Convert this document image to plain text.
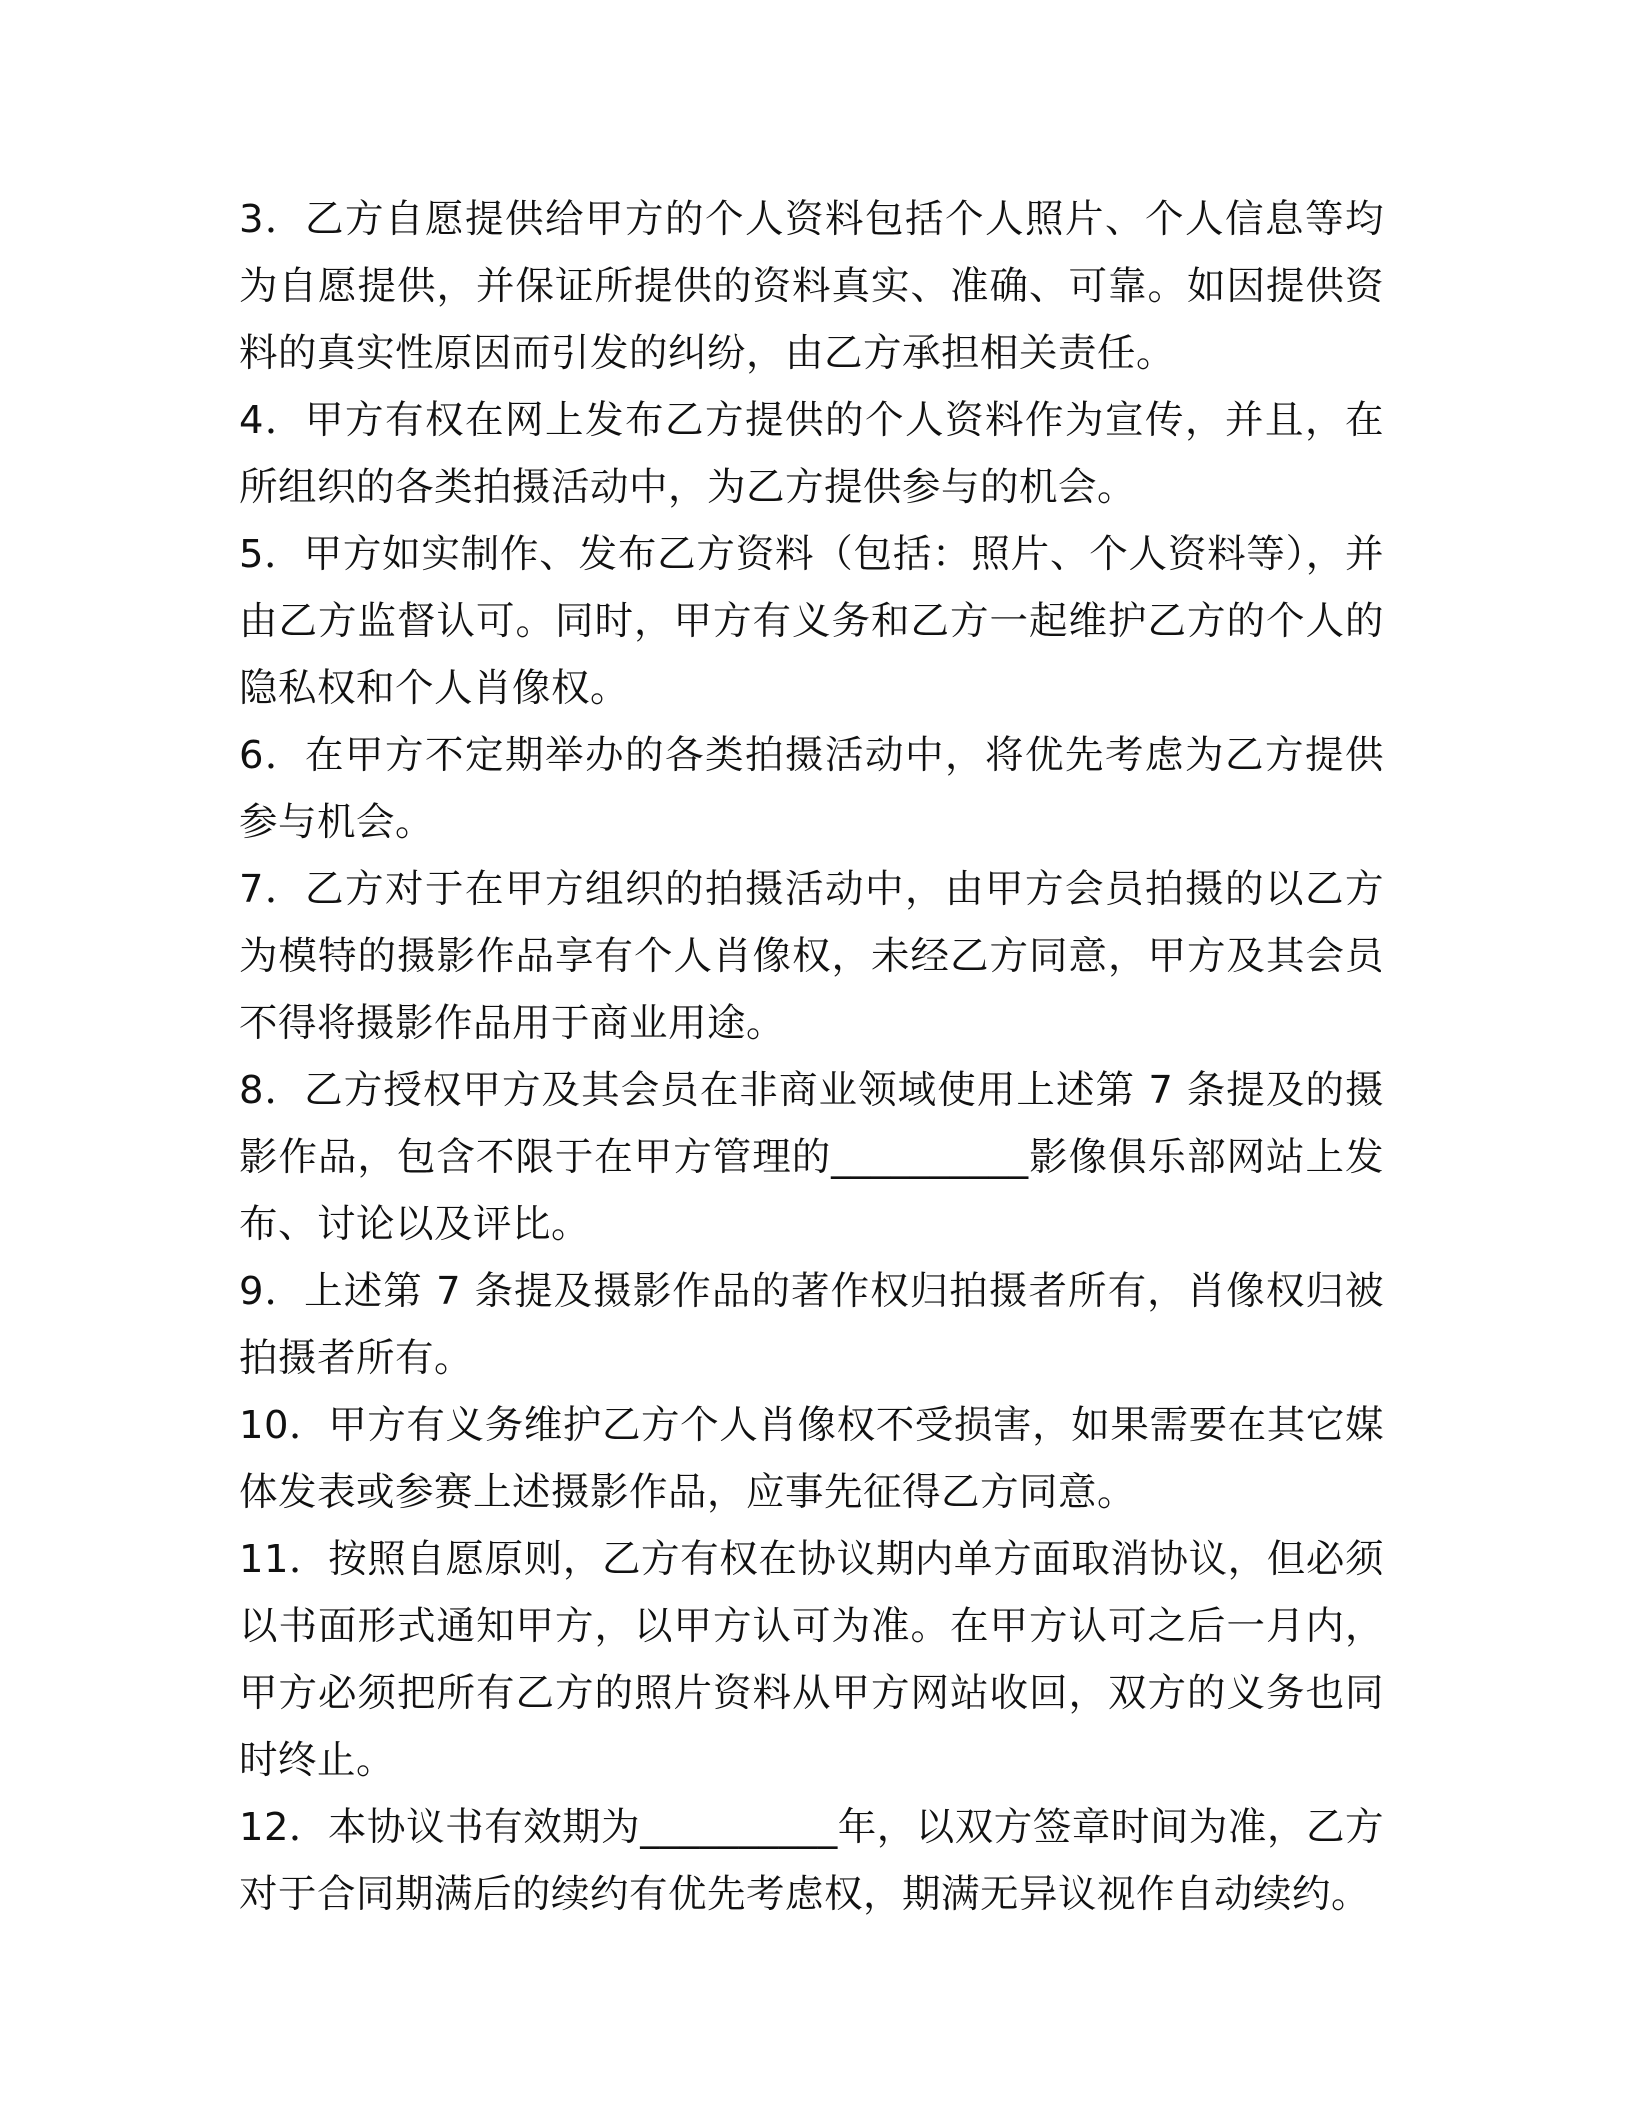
3．乙方自愿提供给甲方的个人资料包括个人照片、个人信息等均为自愿提供，并保证所提供的资料真实、准确、可靠。如因提供资料的真实性原因而引发的纠纷，由乙方承担相关责任。

4．甲方有权在网上发布乙方提供的个人资料作为宣传，并且，在所组织的各类拍摄活动中，为乙方提供参与的机会。

5．甲方如实制作、发布乙方资料（包括：照片、个人资料等），并由乙方监督认可。同时，甲方有义务和乙方一起维护乙方的个人的隐私权和个人肖像权。

6．在甲方不定期举办的各类拍摄活动中，将优先考虑为乙方提供参与机会。

7．乙方对于在甲方组织的拍摄活动中，由甲方会员拍摄的以乙方为模特的摄影作品享有个人肖像权，未经乙方同意，甲方及其会员不得将摄影作品用于商业用途。

8．乙方授权甲方及其会员在非商业领域使用上述第 7 条提及的摄影作品，包含不限于在甲方管理的__________影像俱乐部网站上发布、讨论以及评比。

9．上述第 7 条提及摄影作品的著作权归拍摄者所有，肖像权归被拍摄者所有。

10．甲方有义务维护乙方个人肖像权不受损害，如果需要在其它媒体发表或参赛上述摄影作品，应事先征得乙方同意。

11．按照自愿原则，乙方有权在协议期内单方面取消协议，但必须以书面形式通知甲方，以甲方认可为准。在甲方认可之后一月内，甲方必须把所有乙方的照片资料从甲方网站收回，双方的义务也同时终止。

12．本协议书有效期为__________年，以双方签章时间为准，乙方对于合同期满后的续约有优先考虑权，期满无异议视作自动续约。
